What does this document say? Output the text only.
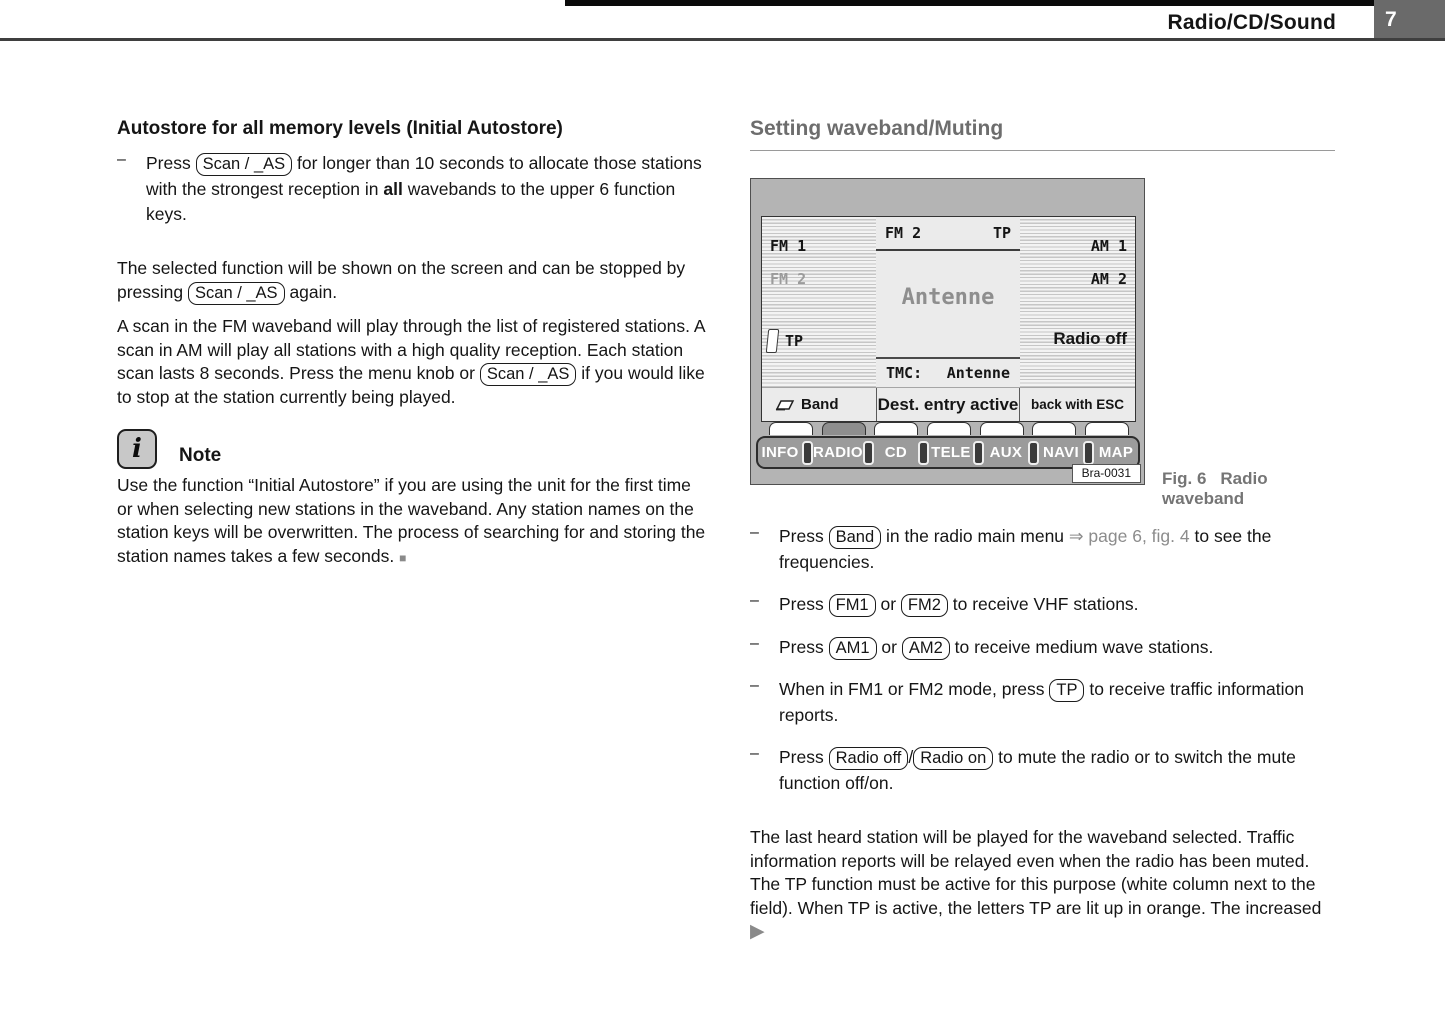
Radio/CD/Sound	7
Autostore for all memory levels (Initial Autostore)
–	Press Scan / _AS for longer than 10 seconds to allocate those stations with the strongest reception in all wavebands to the upper 6 function keys.
The selected function will be shown on the screen and can be stopped by pressing Scan / _AS again.
A scan in the FM waveband will play through the list of registered stations. A scan in AM will play all stations with a high quality reception. Each station scan lasts 8 seconds. Press the menu knob or Scan / _AS if you would like to stop at the station currently being played.
i	Note
Use the function “Initial Autostore” if you are using the unit for the first time or when selecting new stations in the waveband. Any station names on the station keys will be overwritten. The process of searching for and storing the station names takes a few seconds. ■
Setting waveband/Muting
FM 1
FM 2
TP
FM 2	TP
Antenne
TMC: Antenne
AM 1
AM 2
Radio off
Band Dest. entry active back with ESC
INFO RADIO	CD	TELE	AUX	NAVI	MAP
Bra-0031	Fig. 6 Radio waveband
–	Press Band in the radio main menu ⇒ page 6, fig. 4 to see the frequencies.
–	Press FM1 or FM2 to receive VHF stations.
–	Press AM1 or AM2 to receive medium wave stations.
–	When in FM1 or FM2 mode, press TP to receive traffic information reports.
–	Press Radio off / Radio on to mute the radio or to switch the mute function off/on.
The last heard station will be played for the waveband selected. Traffic information reports will be relayed even when the radio has been muted. The TP function must be active for this purpose (white column next to the field). When TP is active, the letters TP are lit up in orange. The increased ▶
